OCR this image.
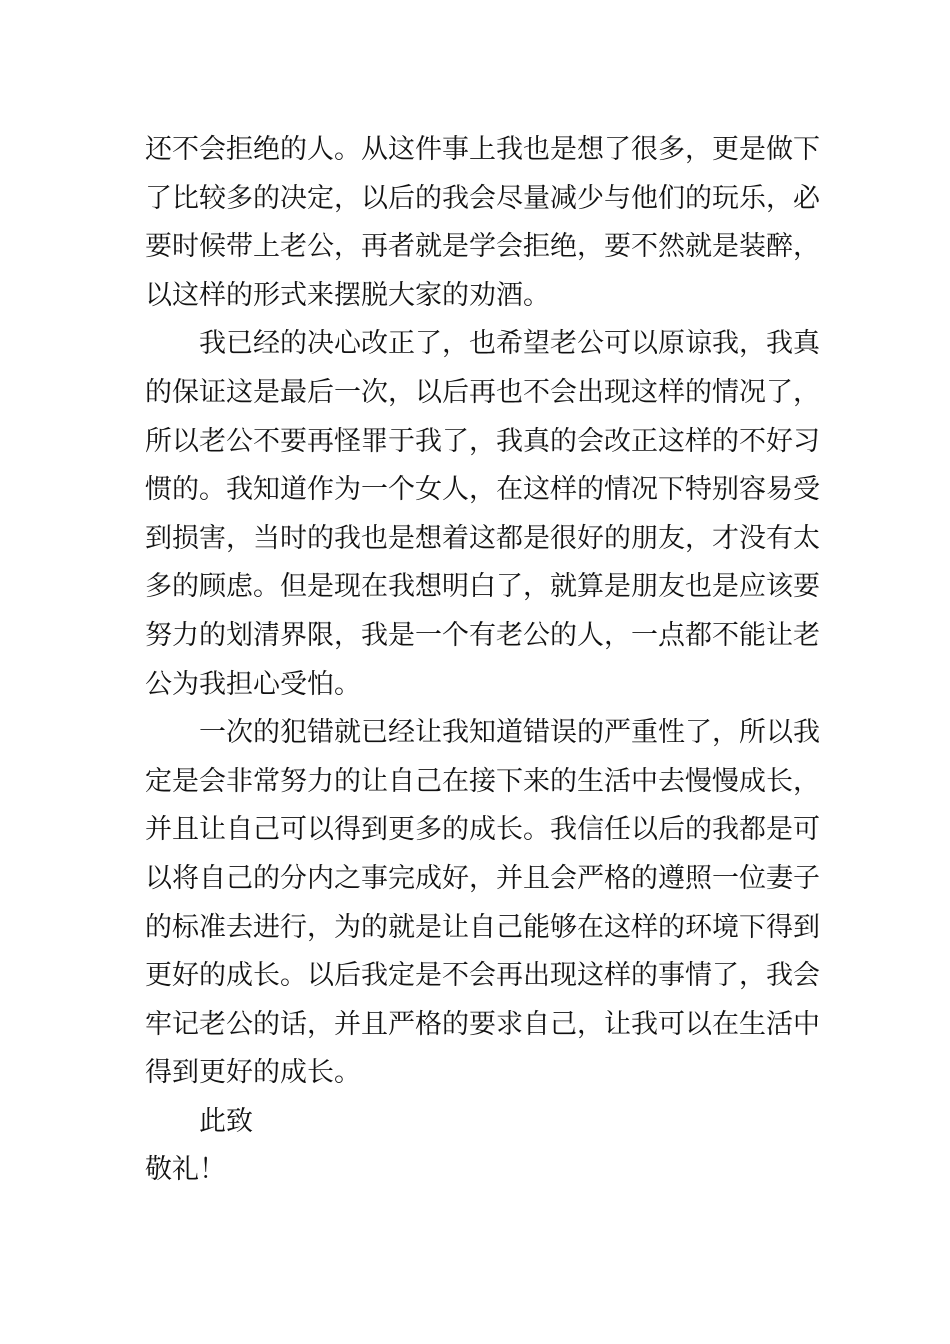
还不会拒绝的人。从这件事上我也是想了很多，更是做下
了比较多的决定，以后的我会尽量减少与他们的玩乐，必
要时候带上老公，再者就是学会拒绝，要不然就是装醉，
以这样的形式来摆脱大家的劝酒。
我已经的决心改正了，也希望老公可以原谅我，我真
的保证这是最后一次，以后再也不会出现这样的情况了，
所以老公不要再怪罪于我了，我真的会改正这样的不好习
惯的。我知道作为一个女人，在这样的情况下特别容易受
到损害，当时的我也是想着这都是很好的朋友，才没有太
多的顾虑。但是现在我想明白了，就算是朋友也是应该要
努力的划清界限，我是一个有老公的人，一点都不能让老
公为我担心受怕。
一次的犯错就已经让我知道错误的严重性了，所以我
定是会非常努力的让自己在接下来的生活中去慢慢成长，
并且让自己可以得到更多的成长。我信任以后的我都是可
以将自己的分内之事完成好，并且会严格的遵照一位妻子
的标准去进行，为的就是让自己能够在这样的环境下得到
更好的成长。以后我定是不会再出现这样的事情了，我会
牢记老公的话，并且严格的要求自己，让我可以在生活中
得到更好的成长。
此致
敬礼！
